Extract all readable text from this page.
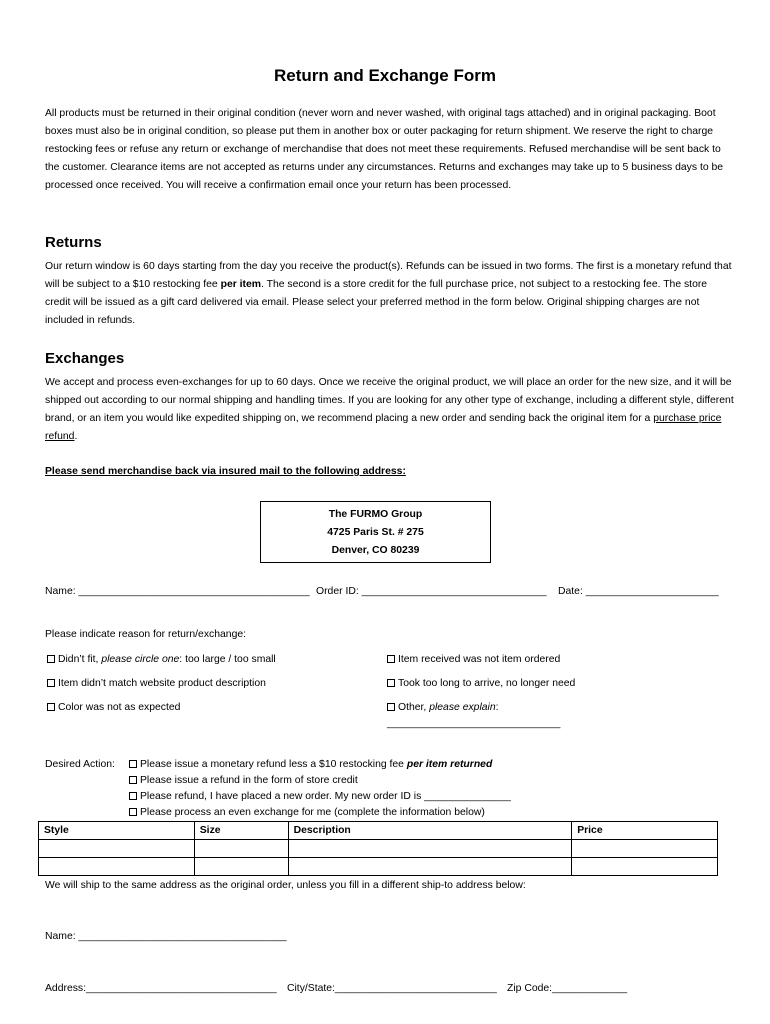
Return and Exchange Form

All products must be returned in their original condition (never worn and never washed, with original tags attached) and in original packaging. Boot boxes must also be in original condition, so please put them in another box or outer packaging for return shipment. We reserve the right to charge restocking fees or refuse any return or exchange of merchandise that does not meet these requirements. Refused merchandise will be sent back to the customer. Clearance items are not accepted as returns under any circumstances. Returns and exchanges may take up to 5 business days to be processed once received. You will receive a confirmation email once your return has been processed.

Returns

Our return window is 60 days starting from the day you receive the product(s). Refunds can be issued in two forms. The first is a monetary refund that will be subject to a $10 restocking fee per item. The second is a store credit for the full purchase price, not subject to a restocking fee. The store credit will be issued as a gift card delivered via email. Please select your preferred method in the form below. Original shipping charges are not included in refunds.

Exchanges

We accept and process even-exchanges for up to 60 days. Once we receive the original product, we will place an order for the new size, and it will be shipped out according to our normal shipping and handling times. If you are looking for any other type of exchange, including a different style, different brand, or an item you would like expedited shipping on, we recommend placing a new order and sending back the original item for a purchase price refund.

Please send merchandise back via insured mail to the following address:
The FURMO Group
4725 Paris St. # 275
Denver, CO 80239
Name: ________________________________________ Order ID: ________________________________ Date: _______________________
Please indicate reason for return/exchange:
Didn’t fit, please circle one: too large / too small	Item received was not item ordered
Item didn’t match website product description	Took too long to arrive, no longer need
Color was not as expected	Other, please explain:
______________________________
Desired Action:	Please issue a monetary refund less a $10 restocking fee per item returned
Please issue a refund in the form of store credit
Please refund, I have placed a new order. My new order ID is _______________
Please process an even exchange for me (complete the information below)
Style	Size	Description	Price

We will ship to the same address as the original order, unless you fill in a different ship-to address below:
Name: ____________________________________
Address:_________________________________ City/State:____________________________ Zip Code:_____________
